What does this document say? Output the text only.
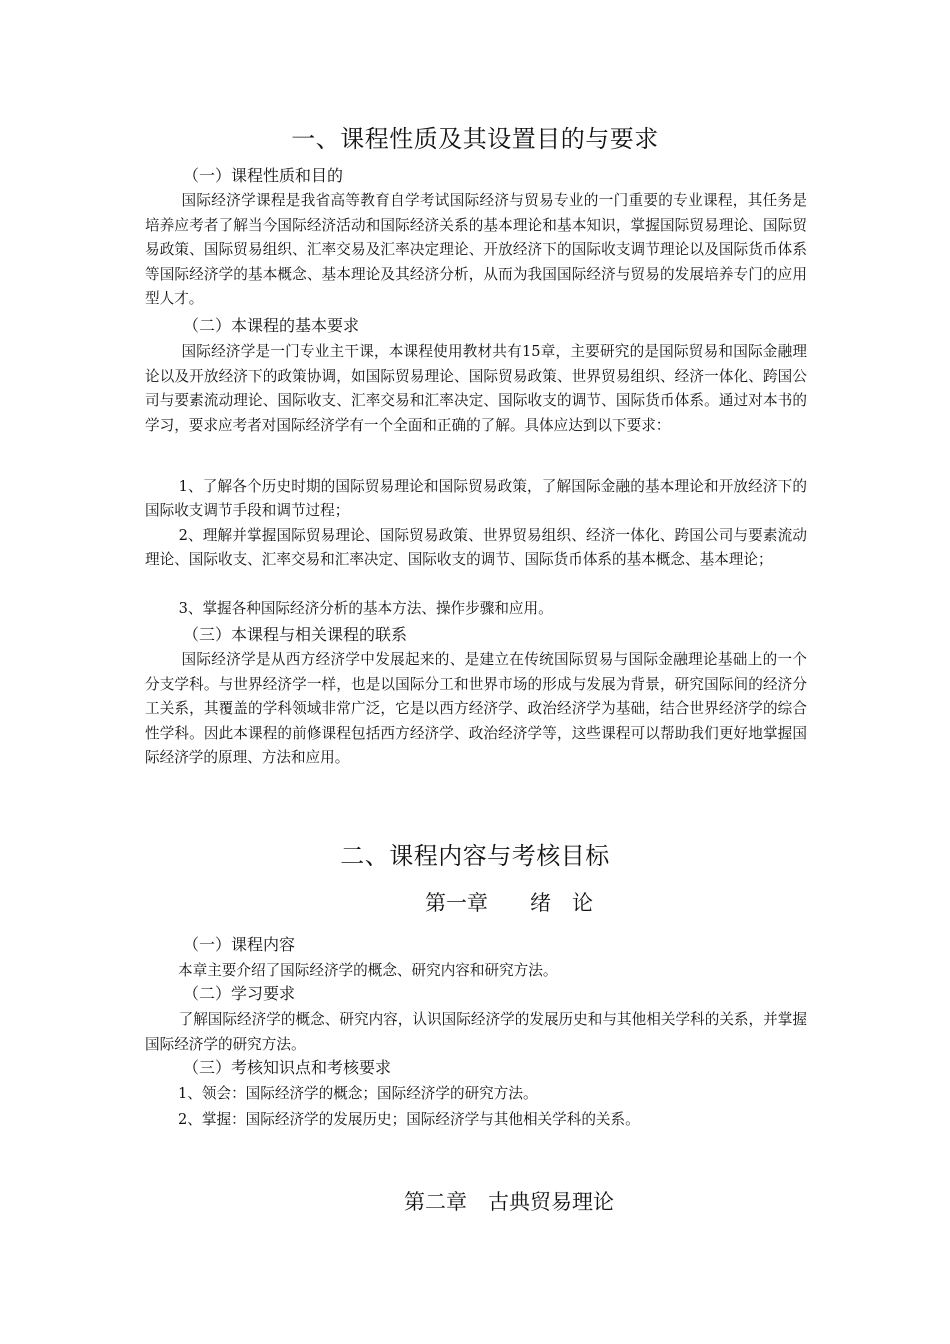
一、课程性质及其设置目的与要求
（一）课程性质和目的
国际经济学课程是我省高等教育自学考试国际经济与贸易专业的一门重要的专业课程，其任务是培养应考者了解当今国际经济活动和国际经济关系的基本理论和基本知识，掌握国际贸易理论、国际贸易政策、国际贸易组织、汇率交易及汇率决定理论、开放经济下的国际收支调节理论以及国际货币体系等国际经济学的基本概念、基本理论及其经济分析，从而为我国国际经济与贸易的发展培养专门的应用型人才。
（二）本课程的基本要求
国际经济学是一门专业主干课，本课程使用教材共有15章，主要研究的是国际贸易和国际金融理论以及开放经济下的政策协调，如国际贸易理论、国际贸易政策、世界贸易组织、经济一体化、跨国公司与要素流动理论、国际收支、汇率交易和汇率决定、国际收支的调节、国际货币体系。通过对本书的学习，要求应考者对国际经济学有一个全面和正确的了解。具体应达到以下要求：
1、了解各个历史时期的国际贸易理论和国际贸易政策，了解国际金融的基本理论和开放经济下的国际收支调节手段和调节过程；
2、理解并掌握国际贸易理论、国际贸易政策、世界贸易组织、经济一体化、跨国公司与要素流动理论、国际收支、汇率交易和汇率决定、国际收支的调节、国际货币体系的基本概念、基本理论；
3、掌握各种国际经济分析的基本方法、操作步骤和应用。
（三）本课程与相关课程的联系
国际经济学是从西方经济学中发展起来的、是建立在传统国际贸易与国际金融理论基础上的一个分支学科。与世界经济学一样，也是以国际分工和世界市场的形成与发展为背景，研究国际间的经济分工关系，其覆盖的学科领域非常广泛，它是以西方经济学、政治经济学为基础，结合世界经济学的综合性学科。因此本课程的前修课程包括西方经济学、政治经济学等，这些课程可以帮助我们更好地掌握国际经济学的原理、方法和应用。
二、课程内容与考核目标
第一章　　绪　论
（一）课程内容
本章主要介绍了国际经济学的概念、研究内容和研究方法。
（二）学习要求
了解国际经济学的概念、研究内容，认识国际经济学的发展历史和与其他相关学科的关系，并掌握国际经济学的研究方法。
（三）考核知识点和考核要求
1、领会：国际经济学的概念；国际经济学的研究方法。
2、掌握：国际经济学的发展历史；国际经济学与其他相关学科的关系。
第二章　古典贸易理论
